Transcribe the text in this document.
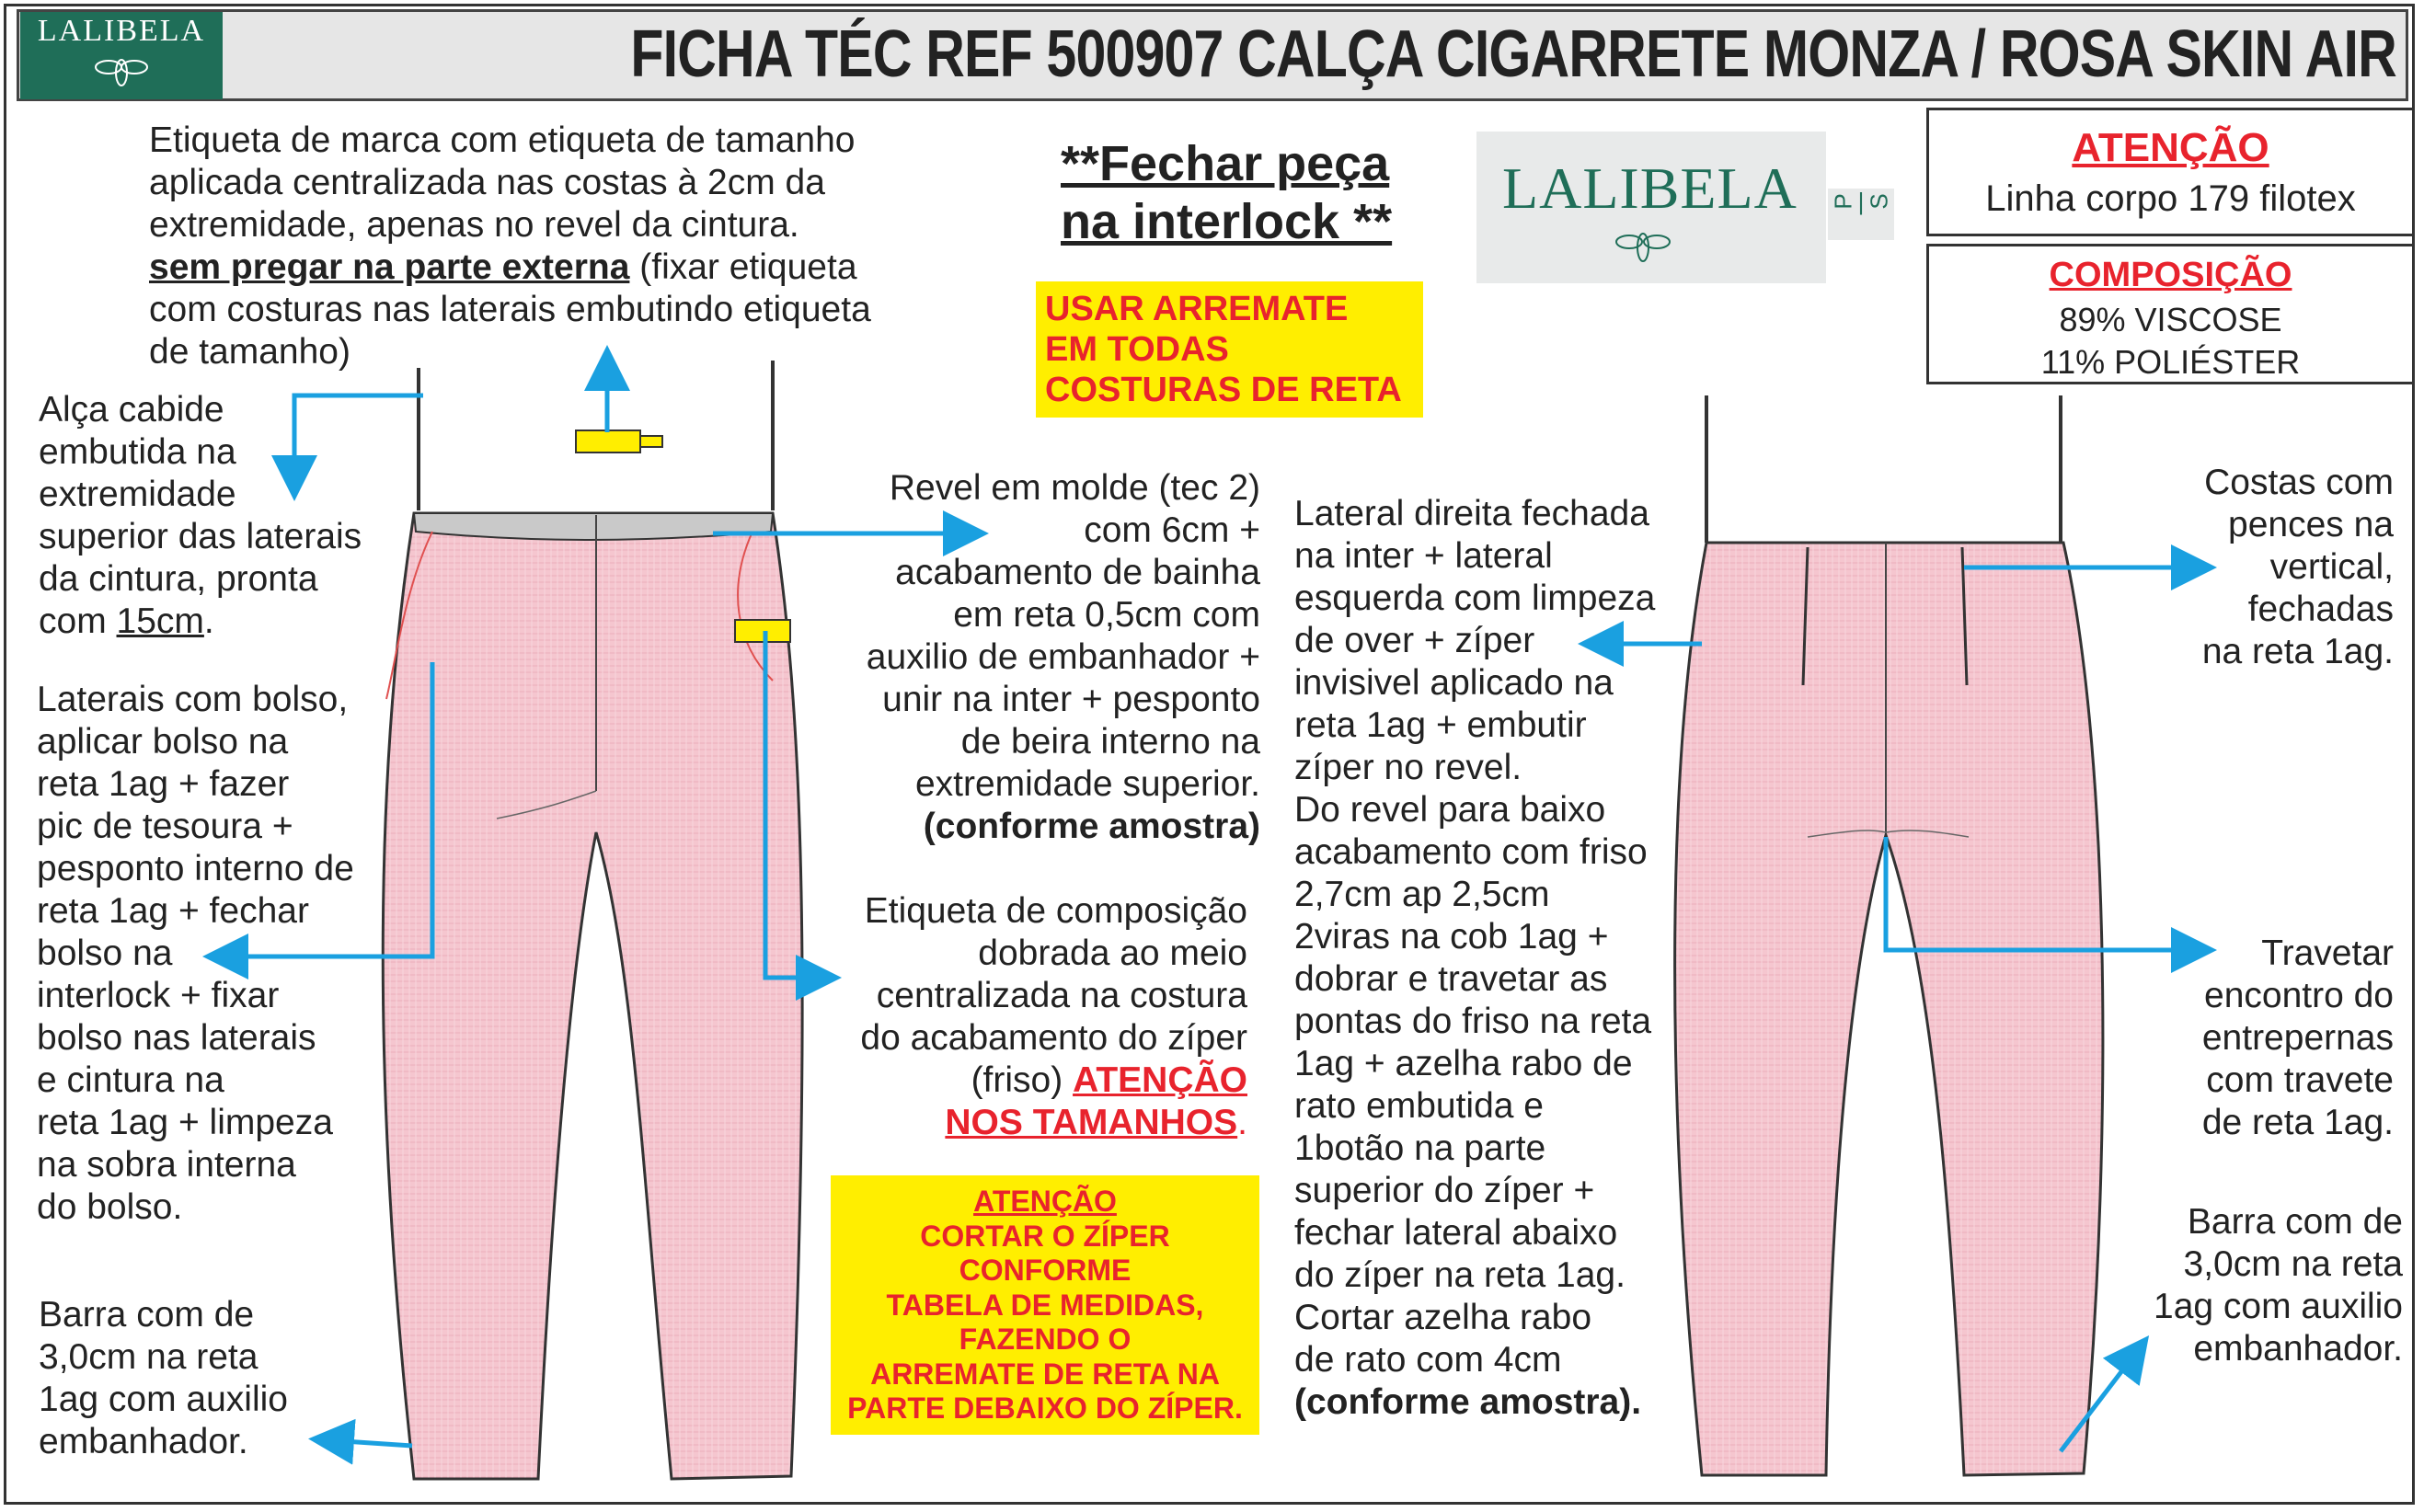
LALIBELA	FICHA TÉC REF 500907 CALÇA CIGARRETE MONZA / ROSA SKIN AIR
LALIBELA P | S
ATENÇÃO
Linha corpo 179 filotex
COMPOSIÇÃO
89% VISCOSE
11% POLIÉSTER
**Fechar peça
na interlock **
USAR ARREMATE
EM TODAS
COSTURAS DE RETA
ATENÇÃO
CORTAR O ZÍPER
CONFORME
TABELA DE MEDIDAS,
FAZENDO O
ARREMATE DE RETA NA
PARTE DEBAIXO DO ZÍPER.
Etiqueta de marca com etiqueta de tamanho
aplicada centralizada nas costas à 2cm da
extremidade, apenas no revel da cintura.
sem pregar na parte externa (fixar etiqueta
com costuras nas laterais embutindo etiqueta
de tamanho)
Alça cabide
embutida na
extremidade
superior das laterais
da cintura, pronta
com 15cm.
Laterais com bolso,
aplicar bolso na
reta 1ag + fazer
pic de tesoura +
pesponto interno de
reta 1ag + fechar
bolso na
interlock + fixar
bolso nas laterais
e cintura na
reta 1ag + limpeza
na sobra interna
do bolso.
Barra com de
3,0cm na reta
1ag com auxilio
embanhador.
Revel em molde (tec 2)
com 6cm +
acabamento de bainha
em reta 0,5cm com
auxilio de embanhador +
unir na inter + pesponto
de beira interno na
extremidade superior.
(conforme amostra)
Etiqueta de composição
dobrada ao meio
centralizada na costura
do acabamento do zíper
(friso) ATENÇÃO
NOS TAMANHOS.
Lateral direita fechada
na inter + lateral
esquerda com limpeza
de over + zíper
invisivel aplicado na
reta 1ag + embutir
zíper no revel.
Do revel para baixo
acabamento com friso
2,7cm ap 2,5cm
2viras na cob 1ag +
dobrar e travetar as
pontas do friso na reta
1ag + azelha rabo de
rato embutida e
1botão na parte
superior do zíper +
fechar lateral abaixo
do zíper na reta 1ag.
Cortar azelha rabo
de rato com 4cm
(conforme amostra).
Costas com
pences na
vertical,
fechadas
na reta 1ag.
Travetar
encontro do
entrepernas
com travete
de reta 1ag.
Barra com de
3,0cm na reta
1ag com auxilio
embanhador.
